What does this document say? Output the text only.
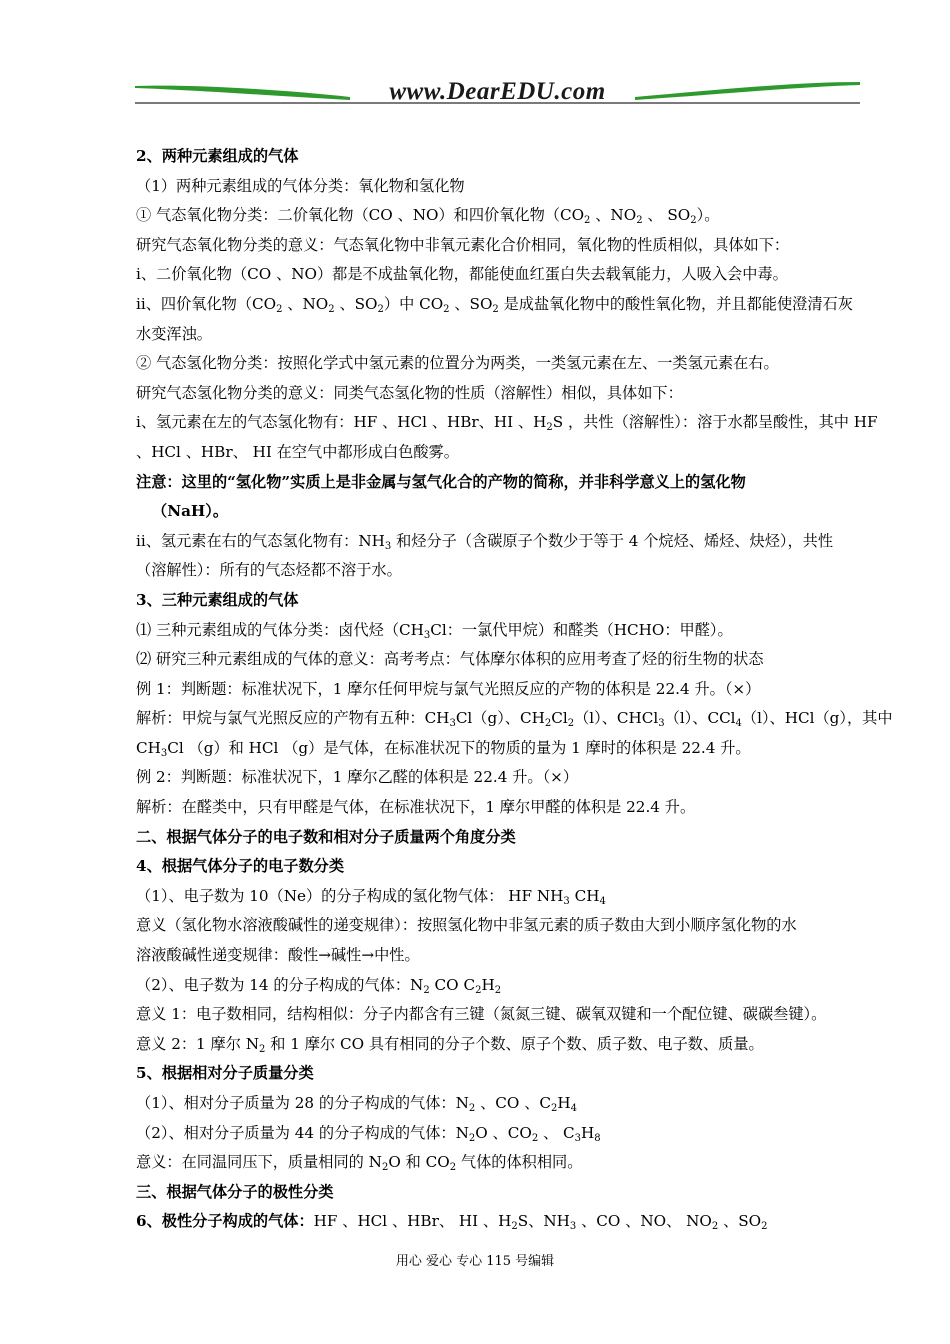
www.DearEDU.com
2、两种元素组成的气体
（1）两种元素组成的气体分类：氧化物和氢化物
① 气态氧化物分类：二价氧化物（CO 、NO）和四价氧化物（$CO_2$ 、$NO_2$ 、 $SO_2$）。
研究气态氧化物分类的意义：气态氧化物中非氧元素化合价相同，氧化物的性质相似，具体如下：
i、二价氧化物（CO 、NO）都是不成盐氧化物，都能使血红蛋白失去载氧能力，人吸入会中毒。
ii、四价氧化物（$CO_2$ 、$NO_2$ 、$SO_2$）中 $CO_2$ 、$SO_2$ 是成盐氧化物中的酸性氧化物，并且都能使澄清石灰
水变浑浊。
② 气态氢化物分类：按照化学式中氢元素的位置分为两类，一类氢元素在左、一类氢元素在右。
研究气态氢化物分类的意义：同类气态氢化物的性质（溶解性）相似，具体如下：
i、氢元素在左的气态氢化物有：HF 、HCl 、HBr、HI 、$H_2S$ ，共性（溶解性）：溶于水都呈酸性，其中 HF
、HCl 、HBr、 HI 在空气中都形成白色酸雾。
注意：这里的“氢化物”实质上是非金属与氢气化合的产物的简称，并非科学意义上的氢化物
（NaH）。
ii、氢元素在右的气态氢化物有：$NH_3$ 和烃分子（含碳原子个数少于等于 4 个烷烃、烯烃、炔烃），共性
（溶解性）：所有的气态烃都不溶于水。
3、三种元素组成的气体
⑴ 三种元素组成的气体分类：卤代烃（$CH_3Cl$：一氯代甲烷）和醛类（HCHO：甲醛）。
⑵ 研究三种元素组成的气体的意义：高考考点：气体摩尔体积的应用考查了烃的衍生物的状态
例 1：判断题：标准状况下，1 摩尔任何甲烷与氯气光照反应的产物的体积是 22.4 升。（×）
解析：甲烷与氯气光照反应的产物有五种：$CH_3Cl(g)$、$CH_2Cl_2(l)$、CHCl$_3$（l）、CCl$_4$（l）、HCl（g），其中
$CH_3Cl$ （g）和 HCl （g）是气体，在标准状况下的物质的量为 1 摩时的体积是 22.4 升。
例 2：判断题：标准状况下，1 摩尔乙醛的体积是 22.4 升。（×）
解析：在醛类中，只有甲醛是气体，在标准状况下，1 摩尔甲醛的体积是 22.4 升。
二、根据气体分子的电子数和相对分子质量两个角度分类
4、根据气体分子的电子数分类
（1）、电子数为 10（Ne）的分子构成的氢化物气体： HF $NH_3$ $CH_4$
意义（氢化物水溶液酸碱性的递变规律）：按照氢化物中非氢元素的质子数由大到小顺序氢化物的水
溶液酸碱性递变规律：酸性→碱性→中性。
（2）、电子数为 14 的分子构成的气体：$N_2$ CO $C_2H_2$
意义 1：电子数相同，结构相似：分子内都含有三键（氮氮三键、碳氧双键和一个配位键、碳碳叁键）。
意义 2：1 摩尔 $N_2$ 和 1 摩尔 CO 具有相同的分子个数、原子个数、质子数、电子数、质量。
5、根据相对分子质量分类
（1）、相对分子质量为 28 的分子构成的气体：$N_2$ 、CO 、$C_2H_4$
（2）、相对分子质量为 44 的分子构成的气体：$N_2O$ 、$CO_2$ 、 $C_3H_8$
意义：在同温同压下，质量相同的 $N_2O$ 和 $CO_2$ 气体的体积相同。
三、根据气体分子的极性分类
6、极性分子构成的气体：HF 、HCl 、HBr、 HI 、$H_2S$、$NH_3$ 、CO 、NO、 $NO_2$ 、$SO_2$
用心 爱心 专心 115 号编辑
